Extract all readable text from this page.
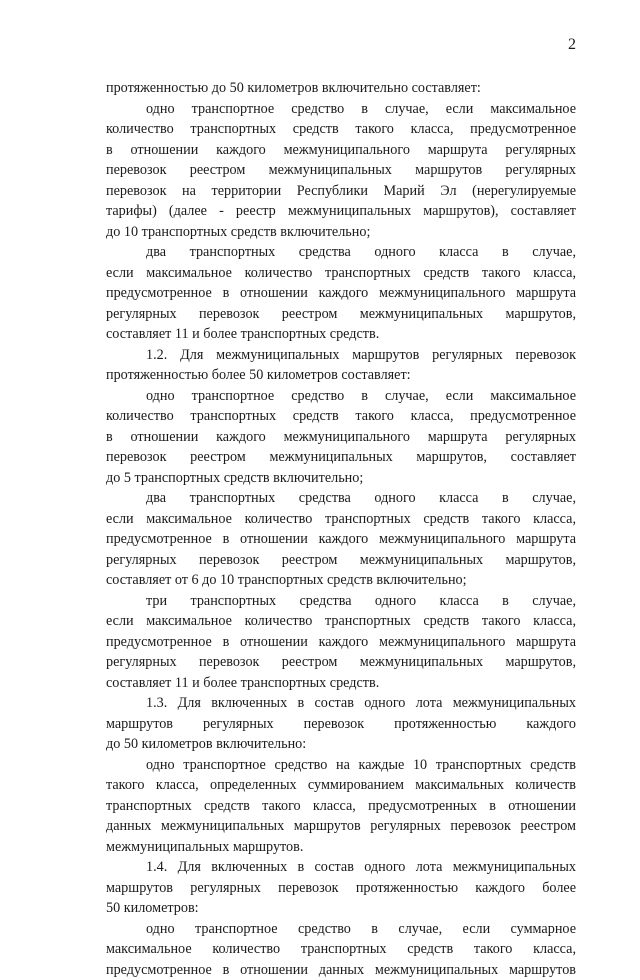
2
протяженностью до 50 километров включительно составляет:
одно транспортное средство в случае, если максимальное
количество транспортных средств такого класса, предусмотренное
в отношении каждого межмуниципального маршрута регулярных
перевозок реестром межмуниципальных маршрутов регулярных
перевозок на территории Республики Марий Эл (нерегулируемые
тарифы) (далее - реестр межмуниципальных маршрутов), составляет
до 10 транспортных средств включительно;
два транспортных средства одного класса в случае,
если максимальное количество транспортных средств такого класса,
предусмотренное в отношении каждого межмуниципального маршрута
регулярных перевозок реестром межмуниципальных маршрутов,
составляет 11 и более транспортных средств.
1.2. Для межмуниципальных маршрутов регулярных перевозок
протяженностью более 50 километров составляет:
одно транспортное средство в случае, если максимальное
количество транспортных средств такого класса, предусмотренное
в отношении каждого межмуниципального маршрута регулярных
перевозок реестром межмуниципальных маршрутов, составляет
до 5 транспортных средств включительно;
два транспортных средства одного класса в случае,
если максимальное количество транспортных средств такого класса,
предусмотренное в отношении каждого межмуниципального маршрута
регулярных перевозок реестром межмуниципальных маршрутов,
составляет от 6 до 10 транспортных средств включительно;
три транспортных средства одного класса в случае,
если максимальное количество транспортных средств такого класса,
предусмотренное в отношении каждого межмуниципального маршрута
регулярных перевозок реестром межмуниципальных маршрутов,
составляет 11 и более транспортных средств.
1.3. Для включенных в состав одного лота межмуниципальных
маршрутов регулярных перевозок протяженностью каждого
до 50 километров включительно:
одно транспортное средство на каждые 10 транспортных средств
такого класса, определенных суммированием максимальных количеств
транспортных средств такого класса, предусмотренных в отношении
данных межмуниципальных маршрутов регулярных перевозок реестром
межмуниципальных маршрутов.
1.4. Для включенных в состав одного лота межмуниципальных
маршрутов регулярных перевозок протяженностью каждого более
50 километров:
одно транспортное средство в случае, если суммарное
максимальное количество транспортных средств такого класса,
предусмотренное в отношении данных межмуниципальных маршрутов
